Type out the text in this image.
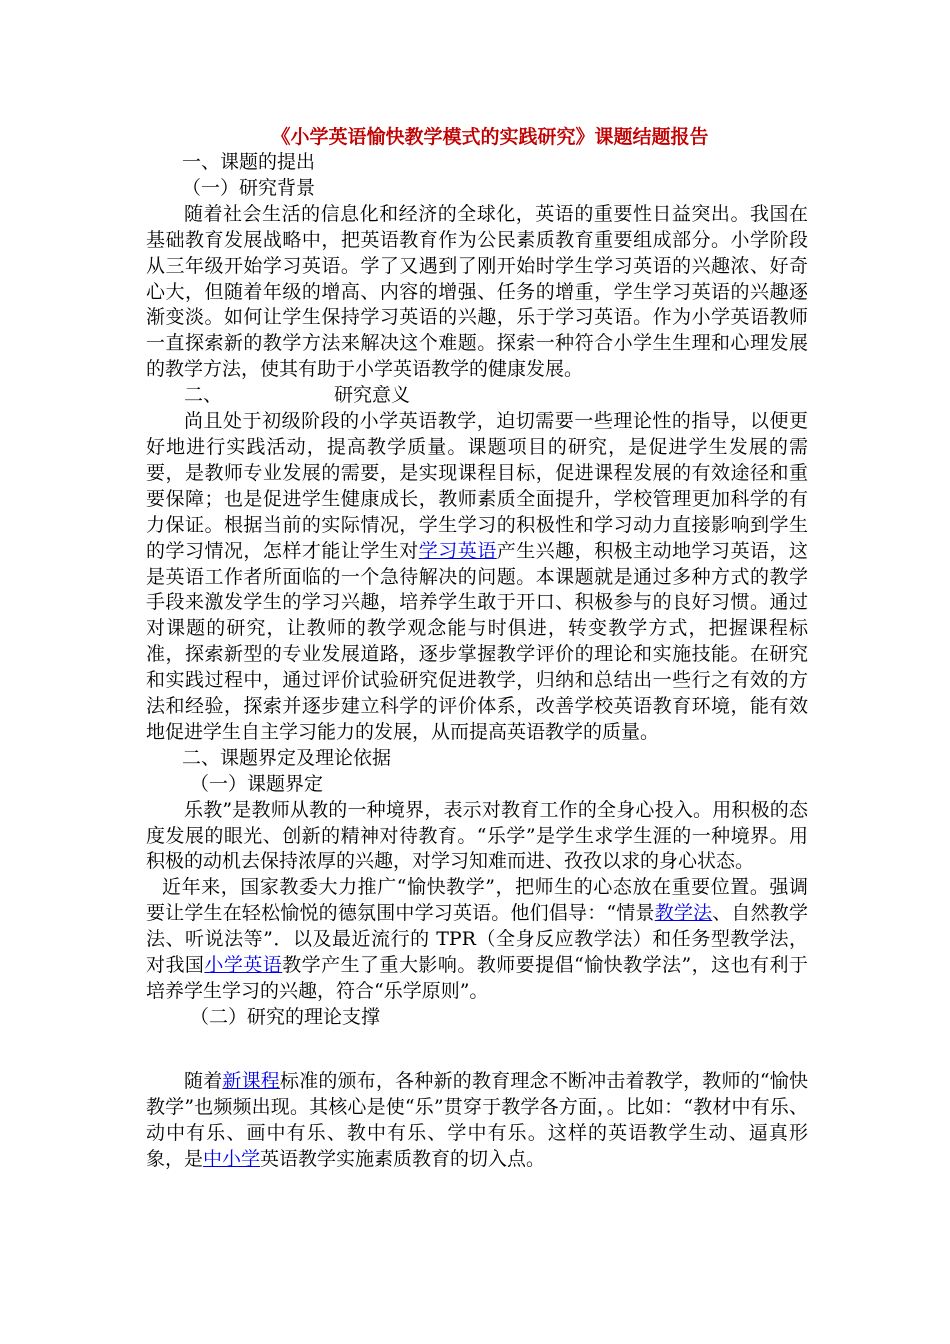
《小学英语愉快教学模式的实践研究》课题结题报告

一、课题的提出

（一）研究背景

随着社会生活的信息化和经济的全球化，英语的重要性日益突出。我国在基础教育发展战略中，把英语教育作为公民素质教育重要组成部分。小学阶段从三年级开始学习英语。学了又遇到了刚开始时学生学习英语的兴趣浓、好奇心大，但随着年级的增高、内容的增强、任务的增重，学生学习英语的兴趣逐渐变淡。如何让学生保持学习英语的兴趣，乐于学习英语。作为小学英语教师一直探索新的教学方法来解决这个难题。探索一种符合小学生生理和心理发展的教学方法，使其有助于小学英语教学的健康发展。

二、	研究意义

尚且处于初级阶段的小学英语教学，迫切需要一些理论性的指导，以便更好地进行实践活动，提高教学质量。课题项目的研究，是促进学生发展的需要，是教师专业发展的需要，是实现课程目标，促进课程发展的有效途径和重要保障；也是促进学生健康成长，教师素质全面提升，学校管理更加科学的有力保证。根据当前的实际情况，学生学习的积极性和学习动力直接影响到学生的学习情况，怎样才能让学生对学习英语产生兴趣，积极主动地学习英语，这是英语工作者所面临的一个急待解决的问题。本课题就是通过多种方式的教学手段来激发学生的学习兴趣，培养学生敢于开口、积极参与的良好习惯。通过对课题的研究，让教师的教学观念能与时俱进，转变教学方式，把握课程标准，探索新型的专业发展道路，逐步掌握教学评价的理论和实施技能。在研究和实践过程中，通过评价试验研究促进教学，归纳和总结出一些行之有效的方法和经验，探索并逐步建立科学的评价体系，改善学校英语教育环境，能有效地促进学生自主学习能力的发展，从而提高英语教学的质量。

二、课题界定及理论依据

（一）课题界定

乐教”是教师从教的一种境界，表示对教育工作的全身心投入。用积极的态度发展的眼光、创新的精神对待教育。“乐学”是学生求学生涯的一种境界。用积极的动机去保持浓厚的兴趣，对学习知难而进、孜孜以求的身心状态。

近年来，国家教委大力推广“愉快教学”，把师生的心态放在重要位置。强调要让学生在轻松愉悦的德氛围中学习英语。他们倡导：“情景教学法、自然教学法、听说法等”．以及最近流行的 TPR（全身反应教学法）和任务型教学法，对我国小学英语教学产生了重大影响。教师要提倡“愉快教学法”，这也有利于培养学生学习的兴趣，符合“乐学原则”。

（二）研究的理论支撑

随着新课程标准的颁布，各种新的教育理念不断冲击着教学，教师的“愉快教学”也频频出现。其核心是使“乐”贯穿于教学各方面，。比如：“教材中有乐、动中有乐、画中有乐、教中有乐、学中有乐。这样的英语教学生动、逼真形象，是中小学英语教学实施素质教育的切入点。
